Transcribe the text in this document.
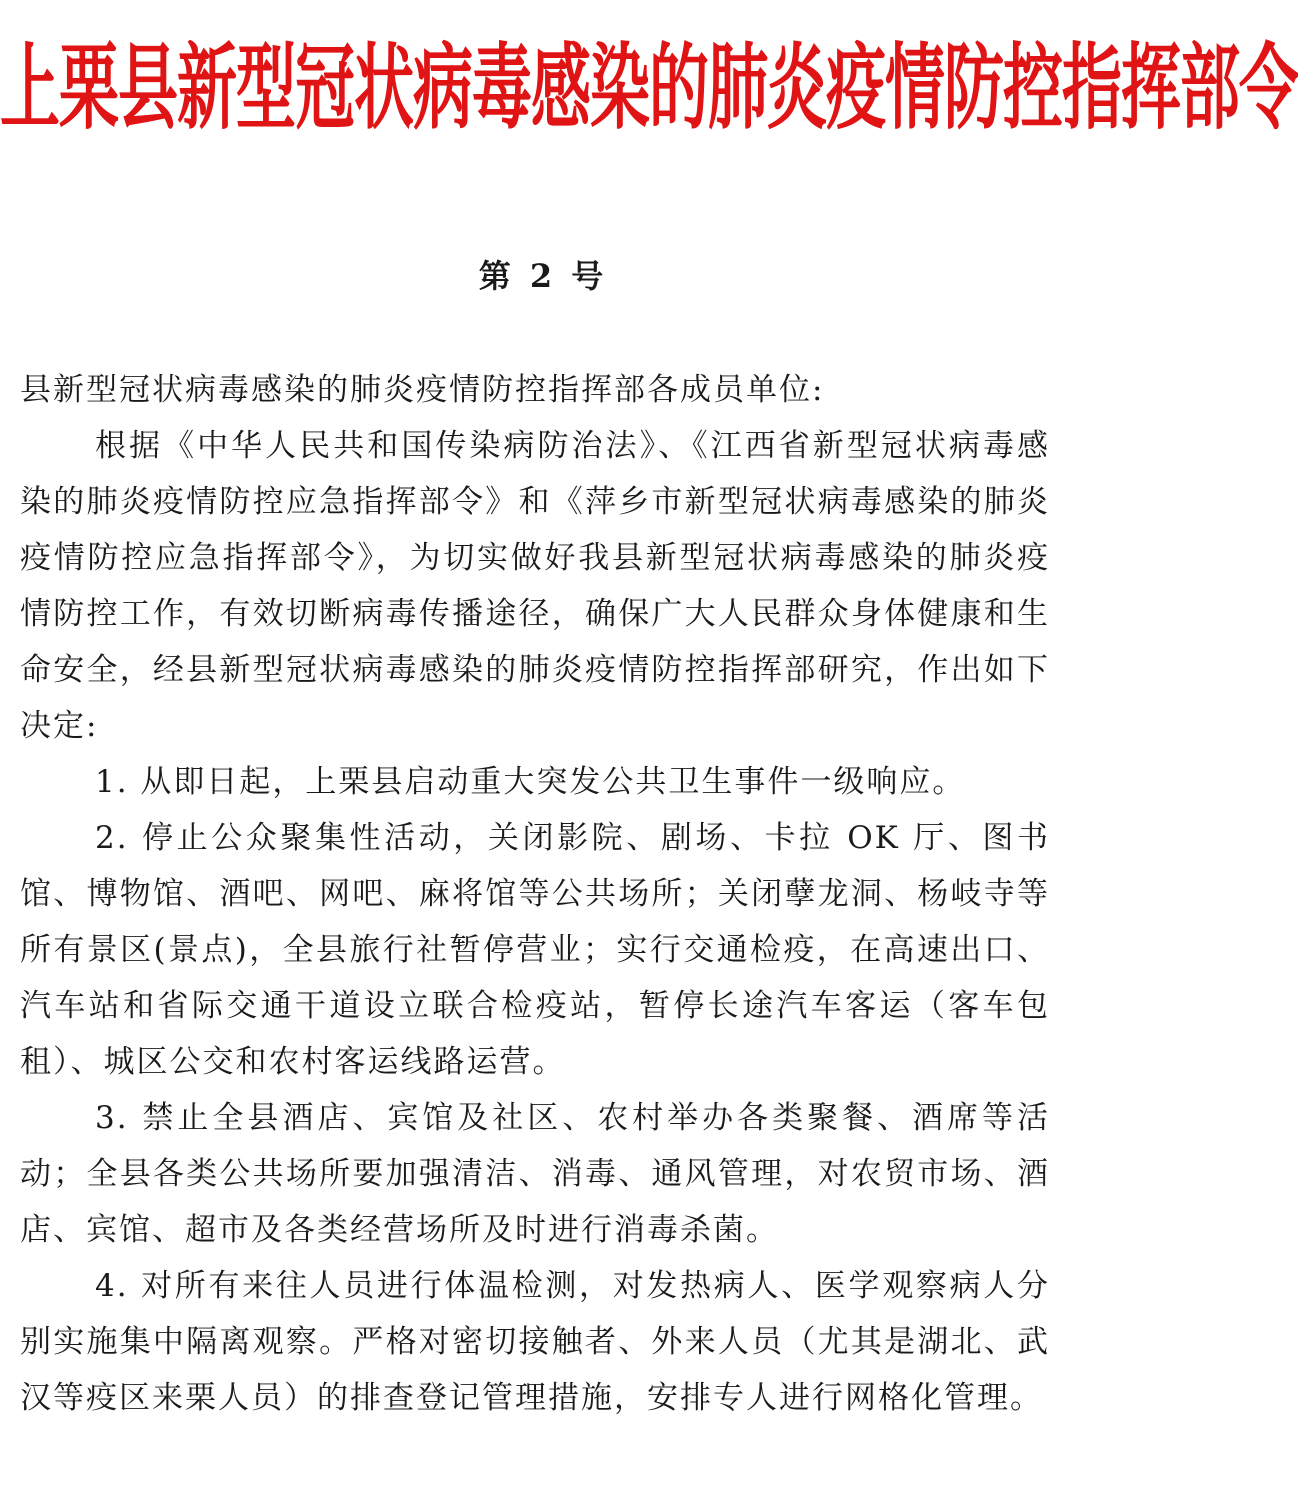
上栗县新型冠状病毒感染的肺炎疫情防控指挥部令
第 2 号

县新型冠状病毒感染的肺炎疫情防控指挥部各成员单位:

根据《中华人民共和国传染病防治法》、《江西省新型冠状病毒感染的肺炎疫情防控应急指挥部令》和《萍乡市新型冠状病毒感染的肺炎疫情防控应急指挥部令》，为切实做好我县新型冠状病毒感染的肺炎疫情防控工作，有效切断病毒传播途径，确保广大人民群众身体健康和生命安全，经县新型冠状病毒感染的肺炎疫情防控指挥部研究，作出如下决定:

1. 从即日起，上栗县启动重大突发公共卫生事件一级响应。

2. 停止公众聚集性活动，关闭影院、剧场、卡拉 OK 厅、图书馆、博物馆、酒吧、网吧、麻将馆等公共场所；关闭孽龙洞、杨岐寺等所有景区(景点)，全县旅行社暂停营业；实行交通检疫，在高速出口、汽车站和省际交通干道设立联合检疫站，暂停长途汽车客运（客车包租）、城区公交和农村客运线路运营。

3. 禁止全县酒店、宾馆及社区、农村举办各类聚餐、酒席等活动；全县各类公共场所要加强清洁、消毒、通风管理，对农贸市场、酒店、宾馆、超市及各类经营场所及时进行消毒杀菌。

4. 对所有来往人员进行体温检测，对发热病人、医学观察病人分别实施集中隔离观察。严格对密切接触者、外来人员（尤其是湖北、武汉等疫区来栗人员）的排查登记管理措施，安排专人进行网格化管理。
